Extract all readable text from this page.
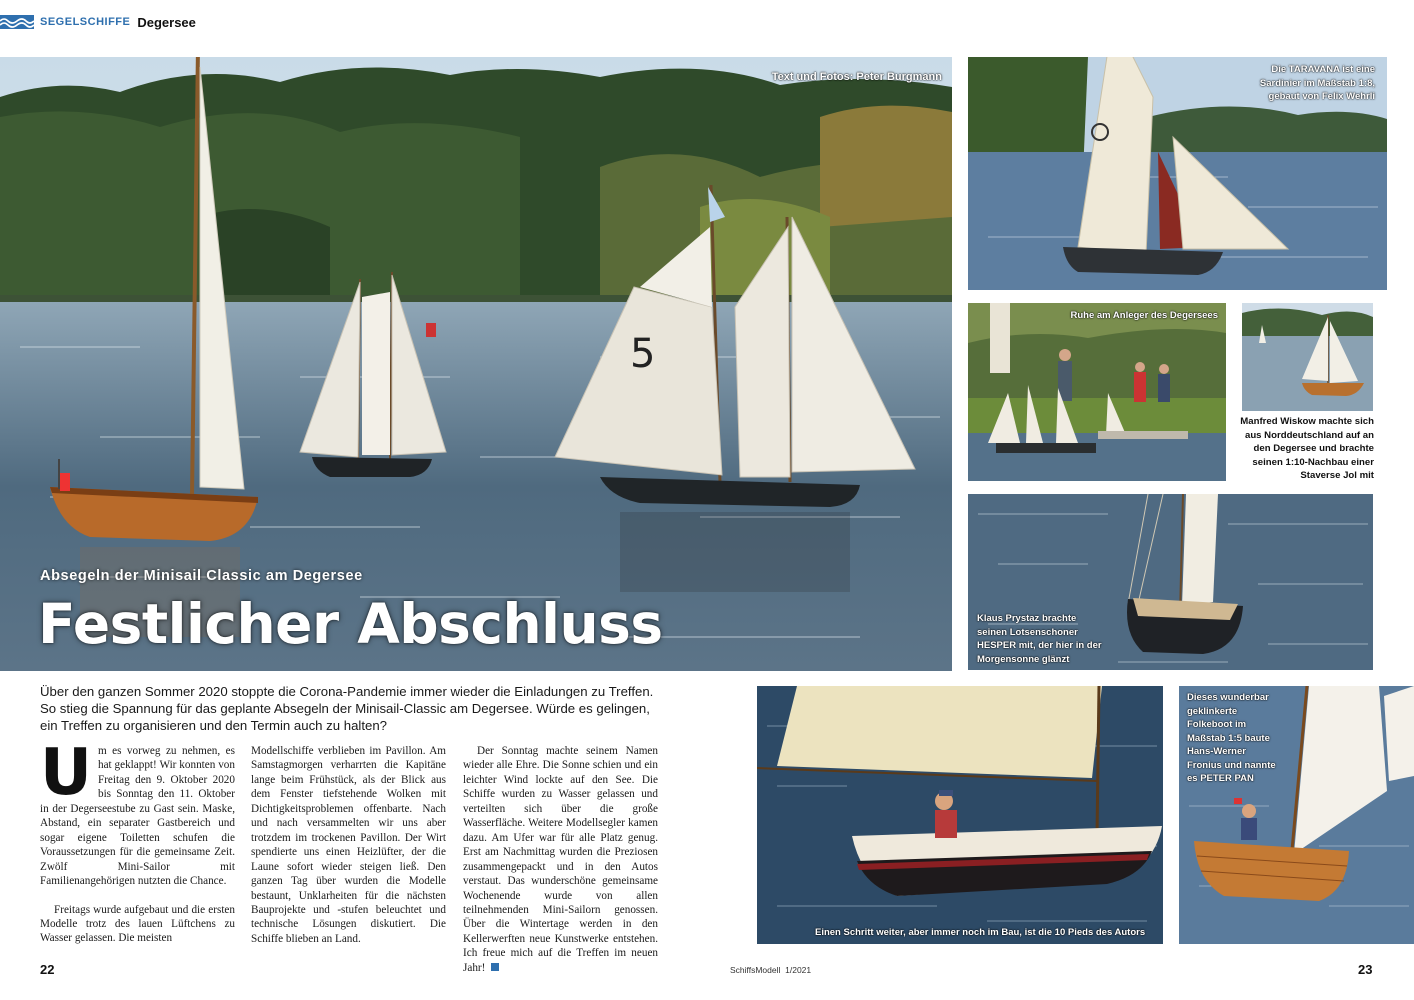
SEGELSCHIFFE Degersee
5
Text und Fotos: Peter Burgmann
Absegeln der Minisail Classic am Degersee
Festlicher Abschluss
Die TARAVANA ist eine Sardinier im Maßstab 1:8, gebaut von Felix Wehrli
Ruhe am Anleger des Degersees
Manfred Wiskow machte sich aus Norddeutschland auf an den Degersee und brachte seinen 1:10-Nachbau einer Staverse Jol mit
Klaus Prystaz brachte seinen Lotsenschoner HESPER mit, der hier in der Morgensonne glänzt
Einen Schritt weiter, aber immer noch im Bau, ist die 10 Pieds des Autors
Dieses wunderbar geklinkerte Folkeboot im Maßstab 1:5 baute Hans-Werner Fronius und nannte es PETER PAN
Über den ganzen Sommer 2020 stoppte die Corona-Pandemie immer wieder die Einladungen zu Treffen. So stieg die Spannung für das geplante Absegeln der Minisail-Classic am Degersee. Würde es gelingen, ein Treffen zu organisieren und den Termin auch zu halten?

Um es vorweg zu nehmen, es hat geklappt! Wir konnten von Freitag den 9. Oktober 2020 bis Sonntag den 11. Oktober in der Degerseestube zu Gast sein. Maske, Abstand, ein separater Gastbereich und sogar eigene Toiletten schufen die Voraussetzungen für die gemeinsame Zeit. Zwölf Mini-Sailor mit Familienangehörigen nutzten die Chance.

Freitags wurde aufgebaut und die ersten Modelle trotz des lauen Lüftchens zu Wasser gelassen. Die meisten

Modellschiffe verblieben im Pavillon. Am Samstagmorgen verharrten die Kapitäne lange beim Frühstück, als der Blick aus dem Fenster tiefstehende Wolken mit Dichtigkeitsproblemen offenbarte. Nach und nach versammelten wir uns aber trotzdem im trockenen Pavillon. Der Wirt spendierte uns einen Heizlüfter, der die Laune sofort wieder steigen ließ. Den ganzen Tag über wurden die Modelle bestaunt, Unklarheiten für die nächsten Bauprojekte und -stufen beleuchtet und technische Lösungen diskutiert. Die Schiffe blieben an Land.

Der Sonntag machte seinem Namen wieder alle Ehre. Die Sonne schien und ein leichter Wind lockte auf den See. Die Schiffe wurden zu Wasser gelassen und verteilten sich über die große Wasserfläche. Weitere Modellsegler kamen dazu. Am Ufer war für alle Platz genug. Erst am Nachmittag wurden die Preziosen zusammengepackt und in den Autos verstaut. Das wunderschöne gemeinsame Wochenende wurde von allen teilnehmenden Mini-Sailorn genossen. Über die Wintertage werden in den Kellerwerften neue Kunstwerke entstehen. Ich freue mich auf die Treffen im neuen Jahr!

22	SchiffsModell 1/2021	23
